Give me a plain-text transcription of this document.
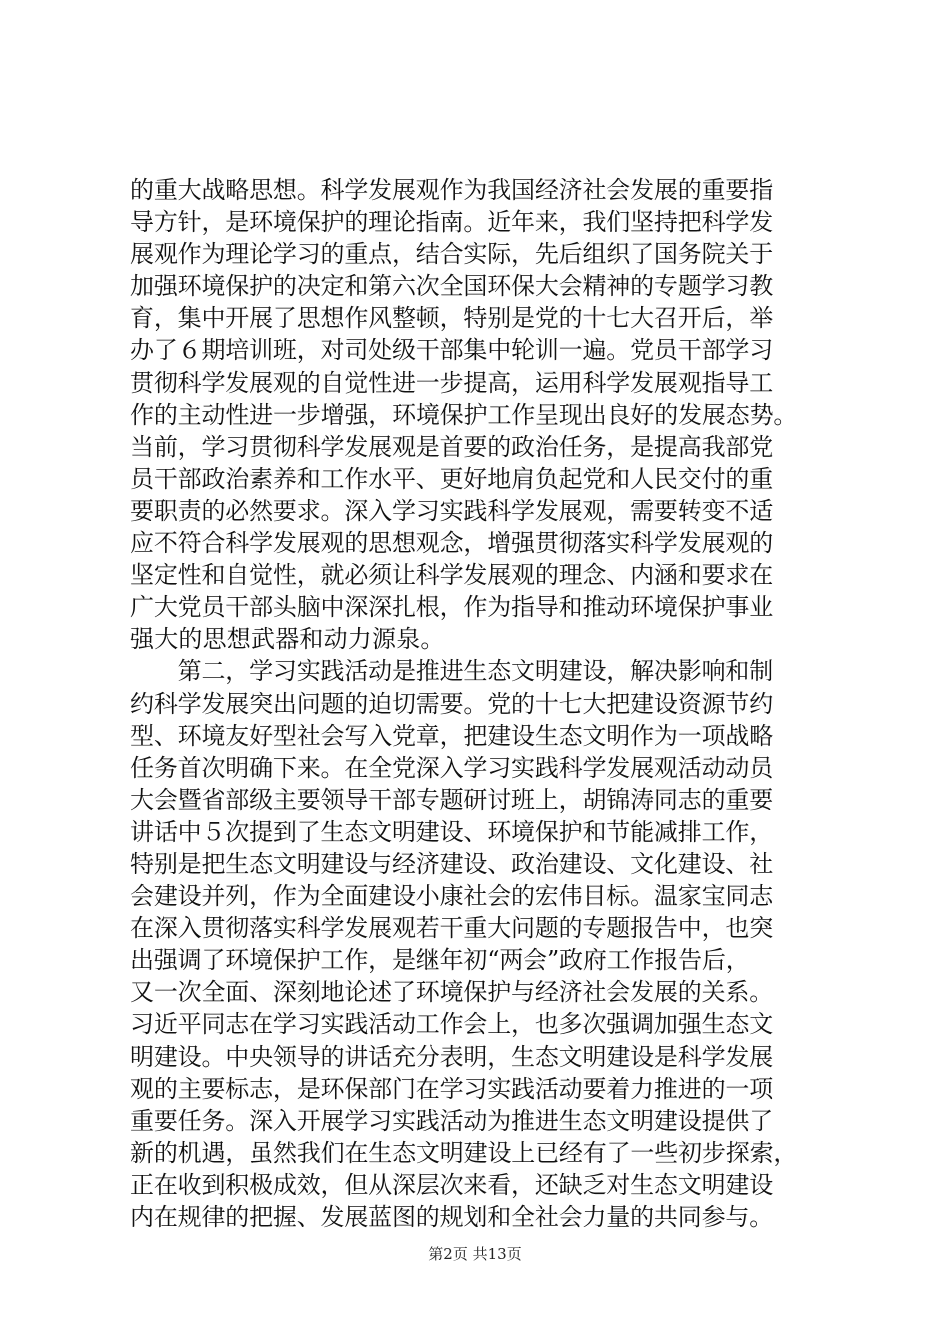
的重大战略思想。科学发展观作为我国经济社会发展的重要指
导方针，是环境保护的理论指南。近年来，我们坚持把科学发
展观作为理论学习的重点，结合实际，先后组织了国务院关于
加强环境保护的决定和第六次全国环保大会精神的专题学习教
育，集中开展了思想作风整顿，特别是党的十七大召开后，举
办了６期培训班，对司处级干部集中轮训一遍。党员干部学习
贯彻科学发展观的自觉性进一步提高，运用科学发展观指导工
作的主动性进一步增强，环境保护工作呈现出良好的发展态势。
当前，学习贯彻科学发展观是首要的政治任务，是提高我部党
员干部政治素养和工作水平、更好地肩负起党和人民交付的重
要职责的必然要求。深入学习实践科学发展观，需要转变不适
应不符合科学发展观的思想观念，增强贯彻落实科学发展观的
坚定性和自觉性，就必须让科学发展观的理念、内涵和要求在
广大党员干部头脑中深深扎根，作为指导和推动环境保护事业
强大的思想武器和动力源泉。
　　第二，学习实践活动是推进生态文明建设，解决影响和制
约科学发展突出问题的迫切需要。党的十七大把建设资源节约
型、环境友好型社会写入党章，把建设生态文明作为一项战略
任务首次明确下来。在全党深入学习实践科学发展观活动动员
大会暨省部级主要领导干部专题研讨班上，胡锦涛同志的重要
讲话中５次提到了生态文明建设、环境保护和节能减排工作，
特别是把生态文明建设与经济建设、政治建设、文化建设、社
会建设并列，作为全面建设小康社会的宏伟目标。温家宝同志
在深入贯彻落实科学发展观若干重大问题的专题报告中，也突
出强调了环境保护工作，是继年初“两会”政府工作报告后，
又一次全面、深刻地论述了环境保护与经济社会发展的关系。
习近平同志在学习实践活动工作会上，也多次强调加强生态文
明建设。中央领导的讲话充分表明，生态文明建设是科学发展
观的主要标志，是环保部门在学习实践活动要着力推进的一项
重要任务。深入开展学习实践活动为推进生态文明建设提供了
新的机遇，虽然我们在生态文明建设上已经有了一些初步探索，
正在收到积极成效，但从深层次来看，还缺乏对生态文明建设
内在规律的把握、发展蓝图的规划和全社会力量的共同参与。
第2页 共13页
